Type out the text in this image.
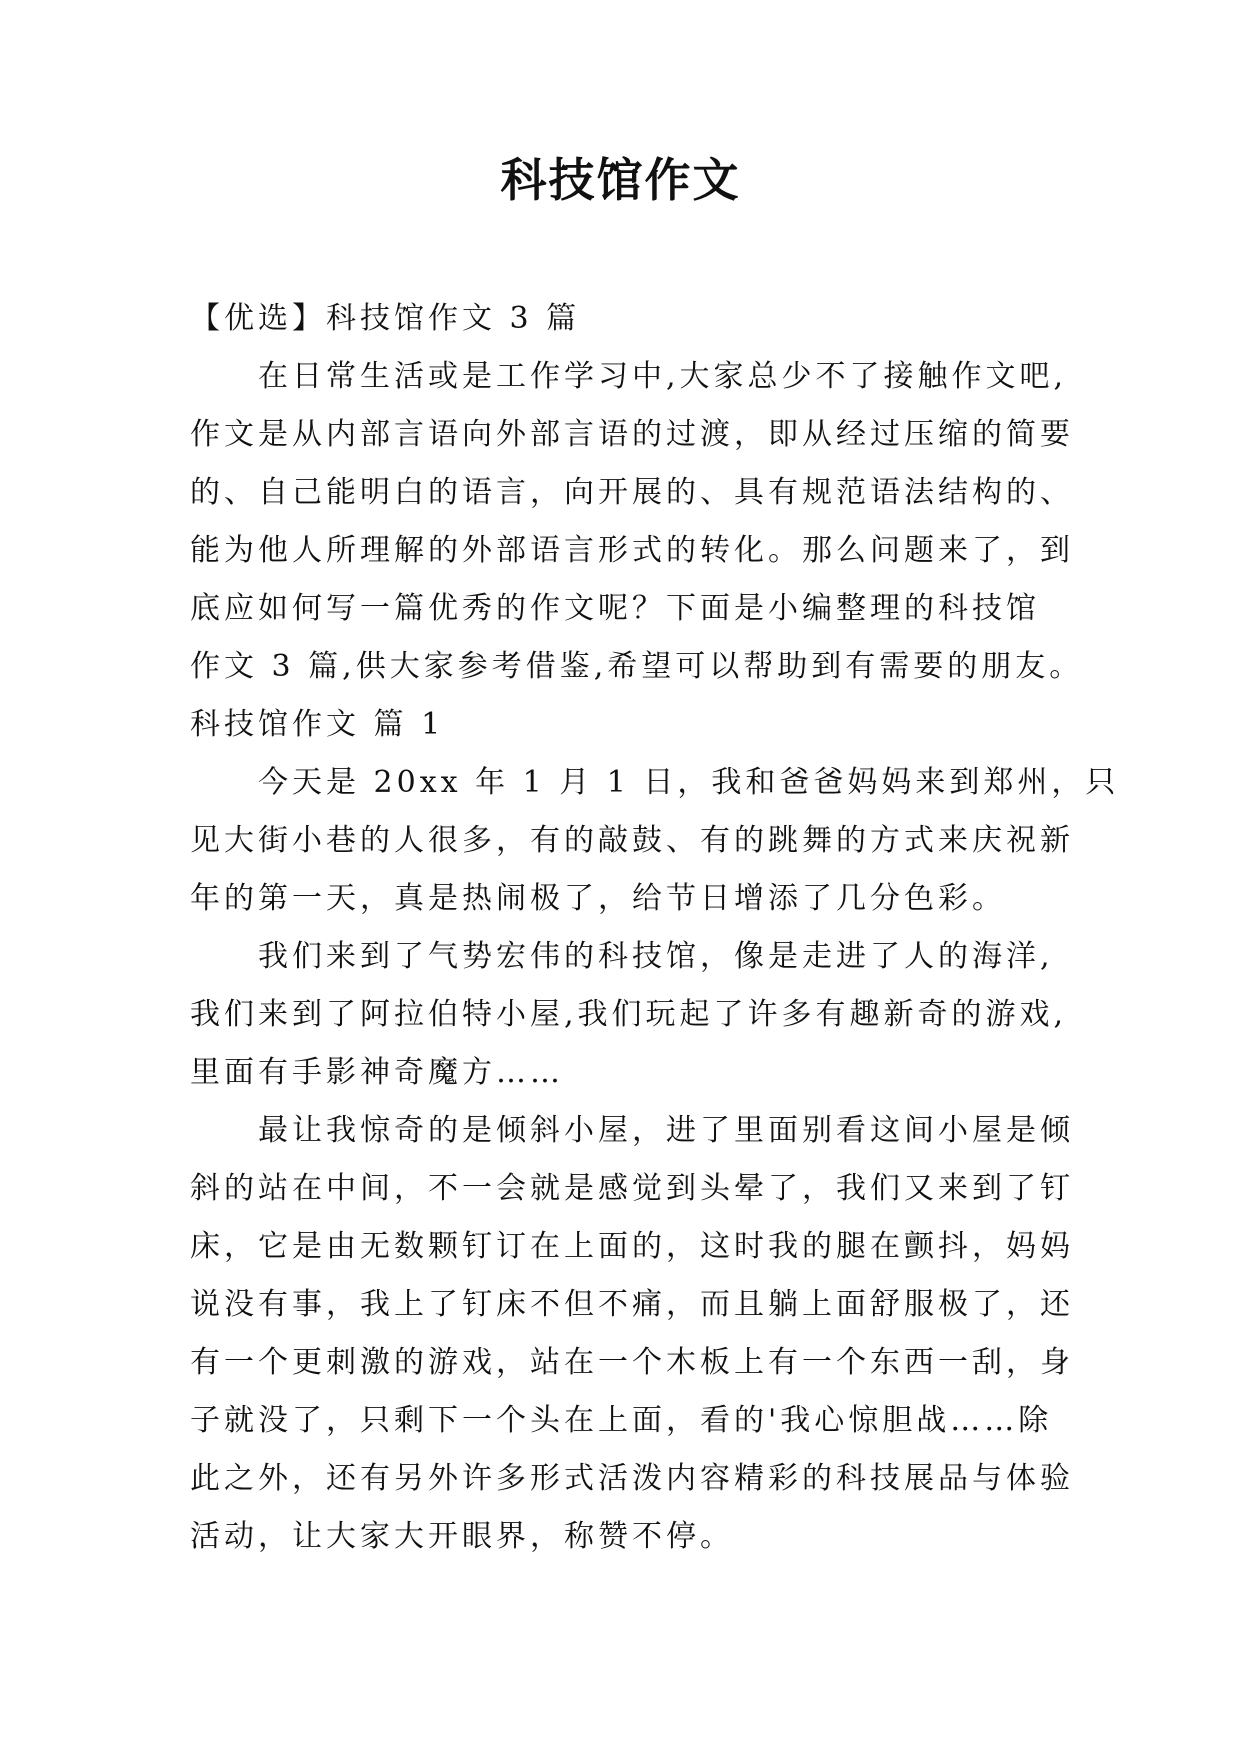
科技馆作文
【优选】科技馆作文 3 篇
在日常生活或是工作学习中,大家总少不了接触作文吧,
作文是从内部言语向外部言语的过渡，即从经过压缩的简要
的、自己能明白的语言，向开展的、具有规范语法结构的、
能为他人所理解的外部语言形式的转化。那么问题来了，到
底应如何写一篇优秀的作文呢？下面是小编整理的科技馆
作文 3 篇,供大家参考借鉴,希望可以帮助到有需要的朋友。
科技馆作文 篇 1
今天是 20xx 年 1 月 1 日，我和爸爸妈妈来到郑州，只
见大街小巷的人很多，有的敲鼓、有的跳舞的方式来庆祝新
年的第一天，真是热闹极了，给节日增添了几分色彩。
我们来到了气势宏伟的科技馆，像是走进了人的海洋,
我们来到了阿拉伯特小屋,我们玩起了许多有趣新奇的游戏,
里面有手影神奇魔方……
最让我惊奇的是倾斜小屋，进了里面别看这间小屋是倾
斜的站在中间，不一会就是感觉到头晕了，我们又来到了钉
床，它是由无数颗钉订在上面的，这时我的腿在颤抖，妈妈
说没有事，我上了钉床不但不痛，而且躺上面舒服极了，还
有一个更刺激的游戏，站在一个木板上有一个东西一刮，身
子就没了，只剩下一个头在上面，看的'我心惊胆战……除
此之外，还有另外许多形式活泼内容精彩的科技展品与体验
活动，让大家大开眼界，称赞不停。
